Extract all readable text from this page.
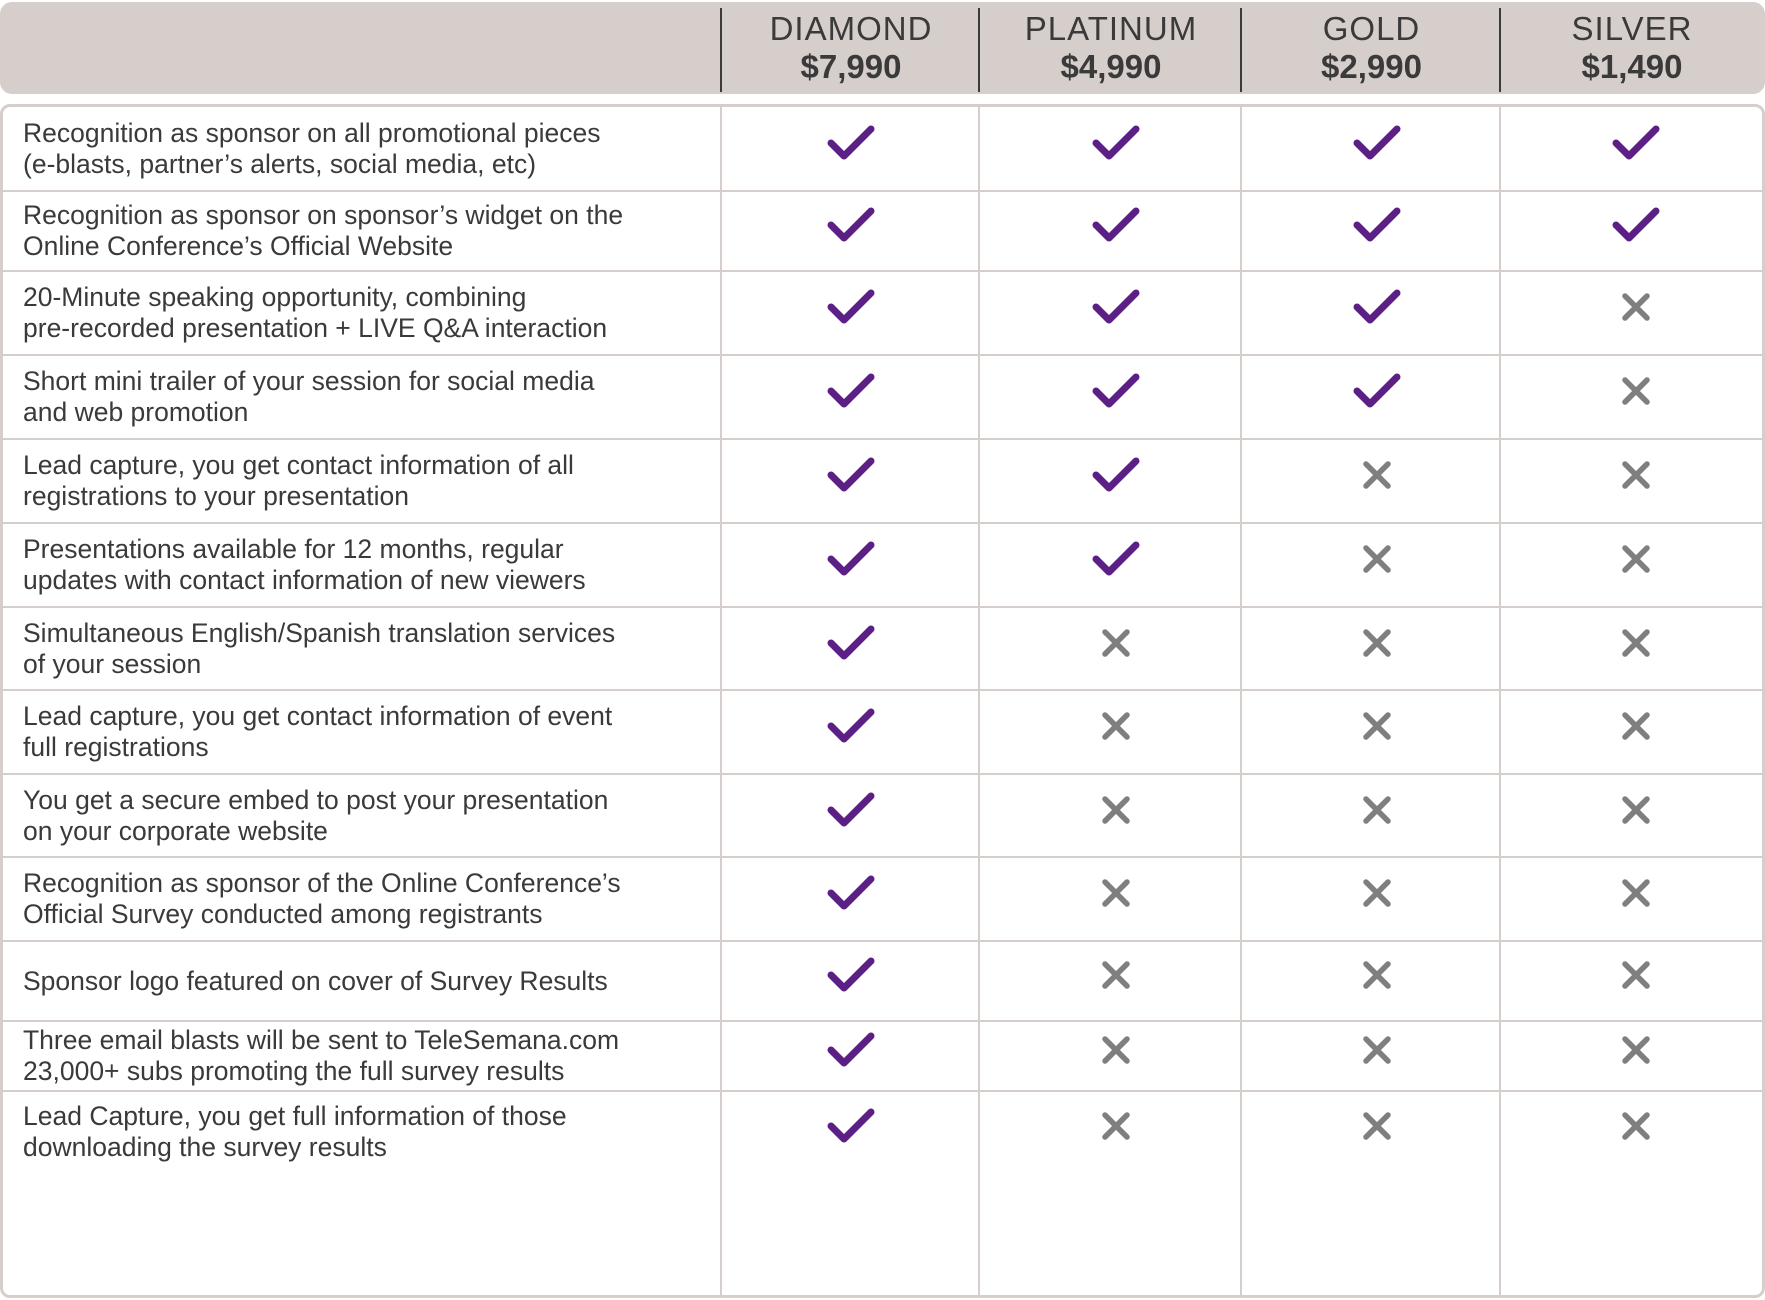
DIAMOND
$7,990
PLATINUM
$4,990
GOLD
$2,990
SILVER
$1,490
Recognition as sponsor on all promotional pieces
(e-blasts, partner’s alerts, social media, etc)
Recognition as sponsor on sponsor’s widget on the
Online Conference’s Official Website
20-Minute speaking opportunity, combining
pre-recorded presentation + LIVE Q&A interaction
Short mini trailer of your session for social media
and web promotion
Lead capture, you get contact information of all
registrations to your presentation
Presentations available for 12 months, regular
updates with contact information of new viewers
Simultaneous English/Spanish translation services
of your session
Lead capture, you get contact information of event
full registrations
You get a secure embed to post your presentation
on your corporate website
Recognition as sponsor of the Online Conference’s
Official Survey conducted among registrants
Sponsor logo featured on cover of Survey Results
Three email blasts will be sent to TeleSemana.com
23,000+ subs promoting the full survey results
Lead Capture, you get full information of those
downloading the survey results
